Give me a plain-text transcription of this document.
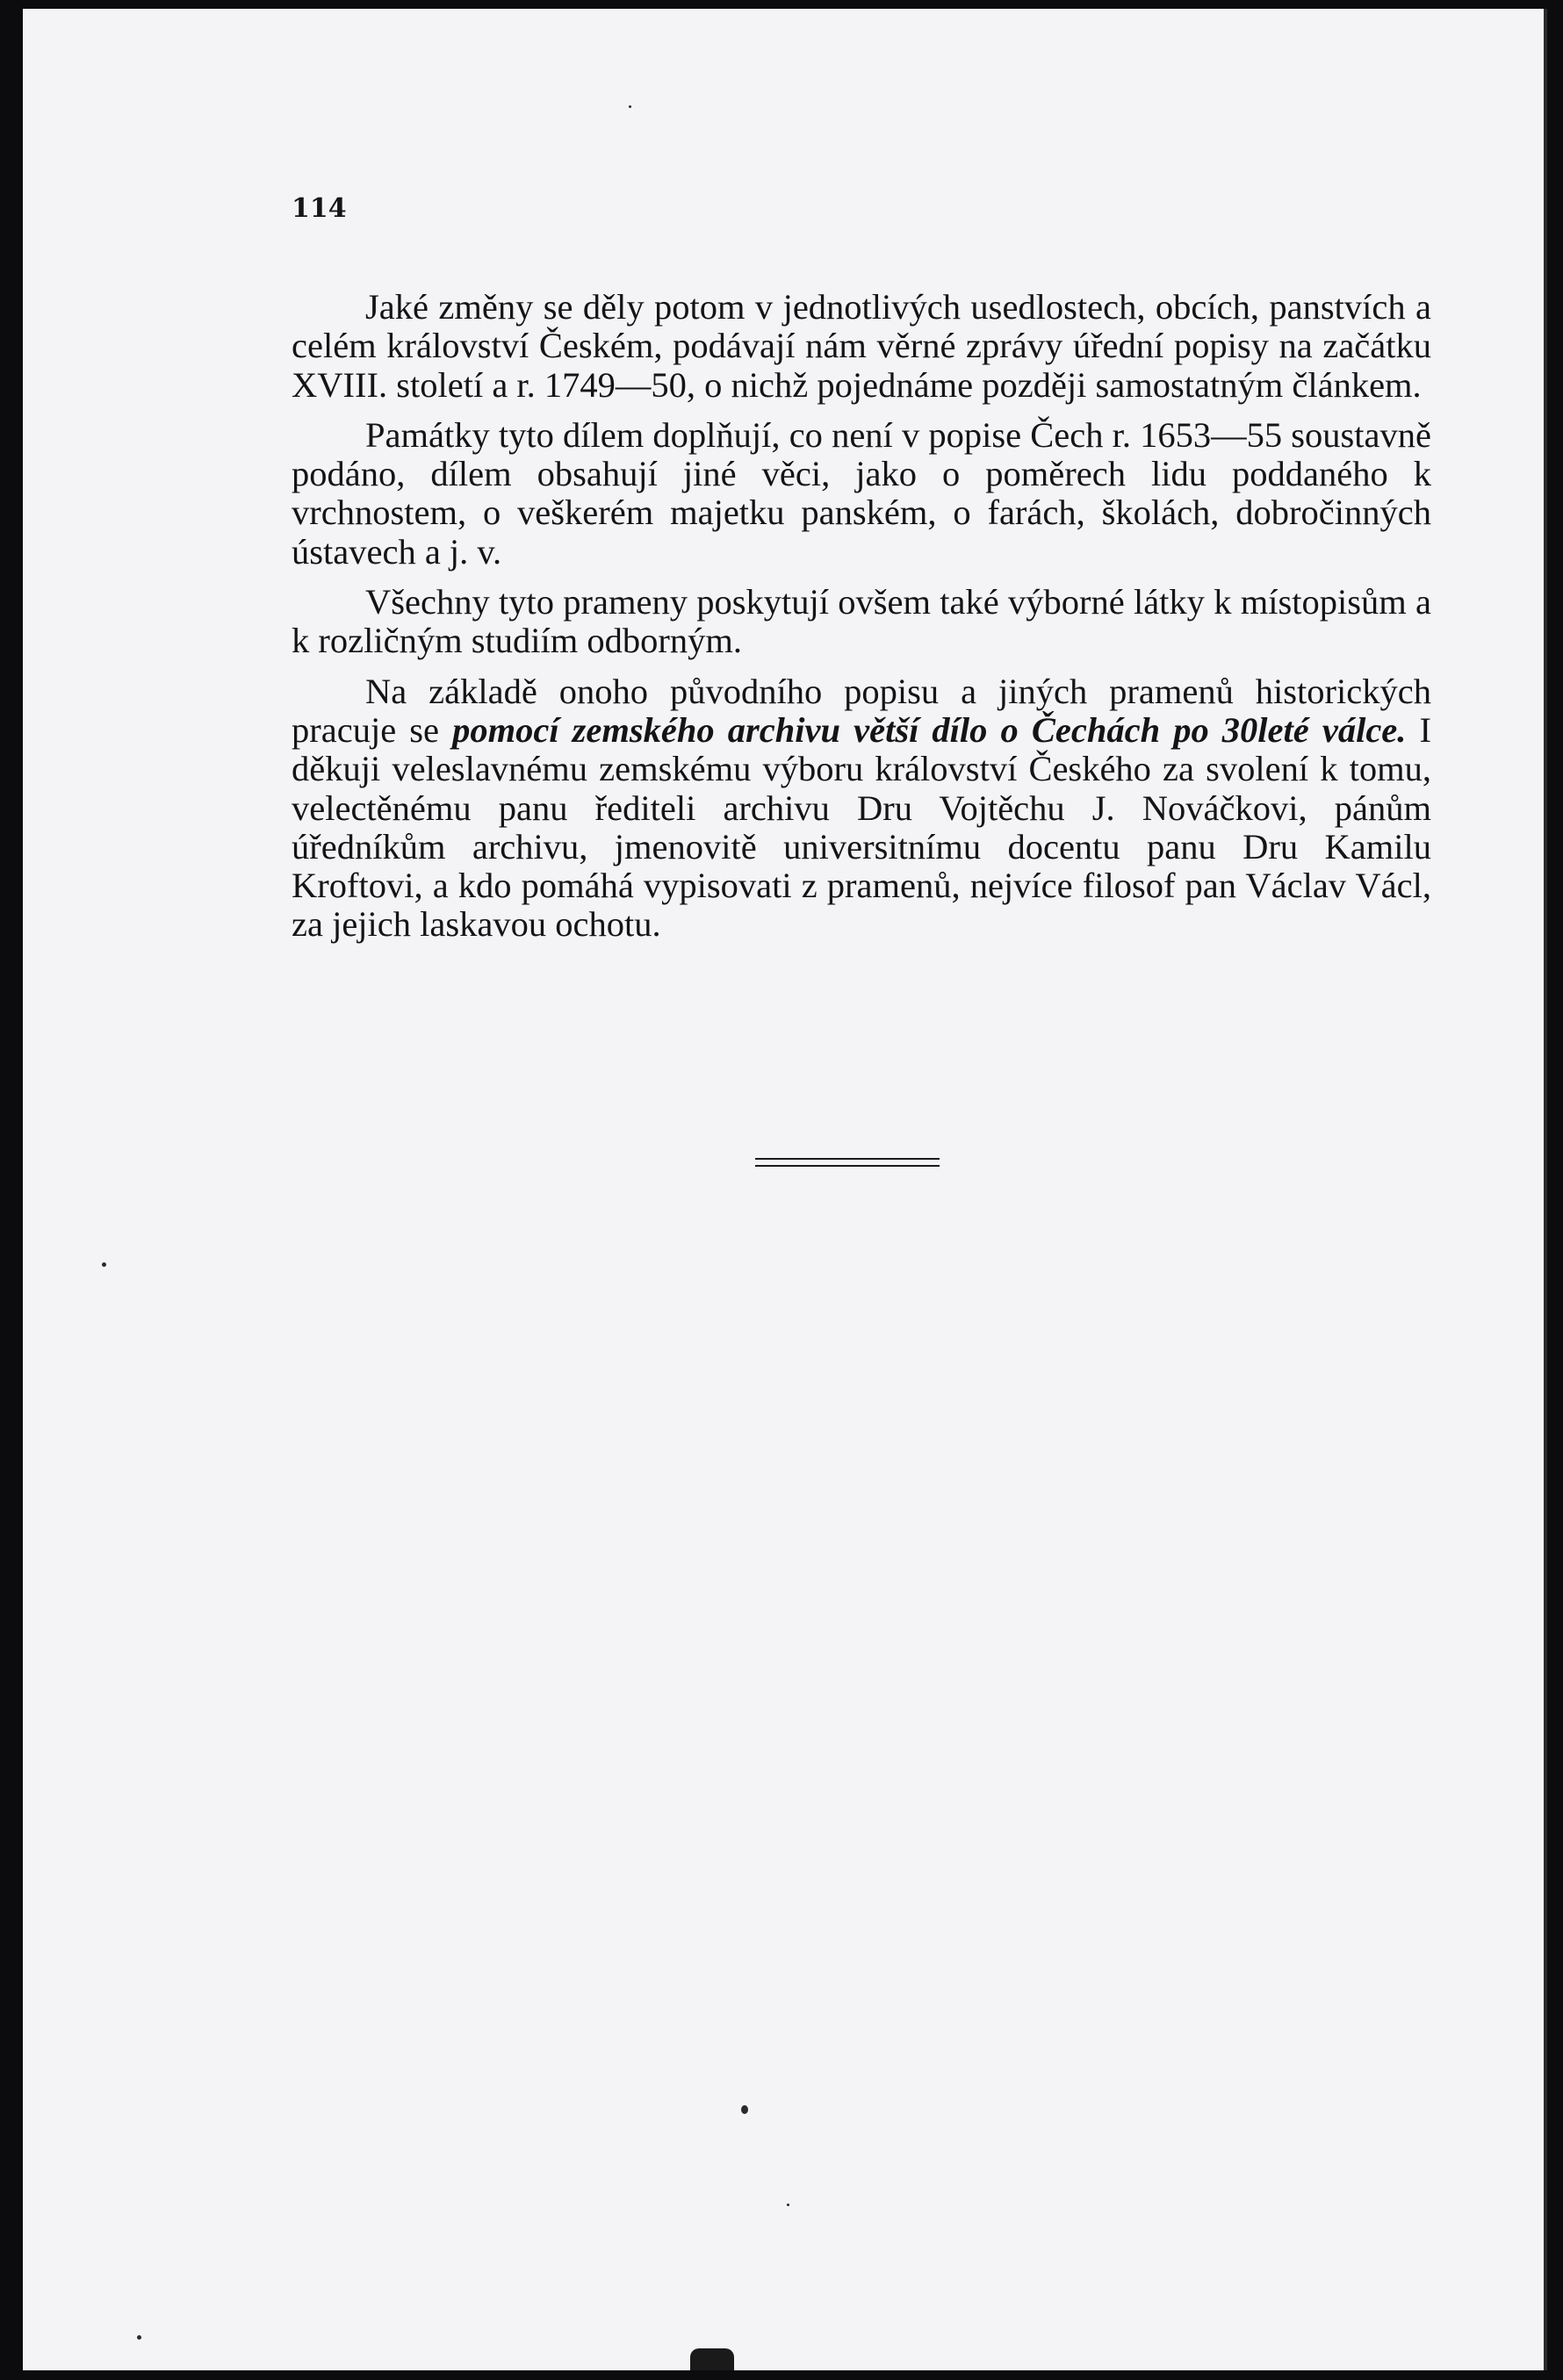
114

Jaké změny se děly potom v jednotlivých usedlostech, obcích, panstvích a celém království Českém, podávají nám věrné zprávy úřední popisy na začátku XVIII. století a r. 1749—50, o nichž pojednáme později samostatným článkem.

Památky tyto dílem doplňují, co není v popise Čech r. 1653—55 soustavně podáno, dílem obsahují jiné věci, jako o poměrech lidu poddaného k vrchnostem, o veškerém majetku panském, o farách, školách, dobročinných ústavech a j. v.

Všechny tyto prameny poskytují ovšem také výborné látky k místopisům a k rozličným studiím odborným.

Na základě onoho původního popisu a jiných pramenů historických pracuje se pomocí zemského archivu větší dílo o Čechách po 30leté válce. I děkuji veleslavnému zemskému výboru království Českého za svolení k tomu, velectěnému panu řediteli archivu Dru Vojtěchu J. Nováčkovi, pánům úředníkům archivu, jmenovitě universitnímu docentu panu Dru Kamilu Kroftovi, a kdo pomáhá vypisovati z pramenů, nejvíce filosof pan Václav Václ, za jejich laskavou ochotu.
